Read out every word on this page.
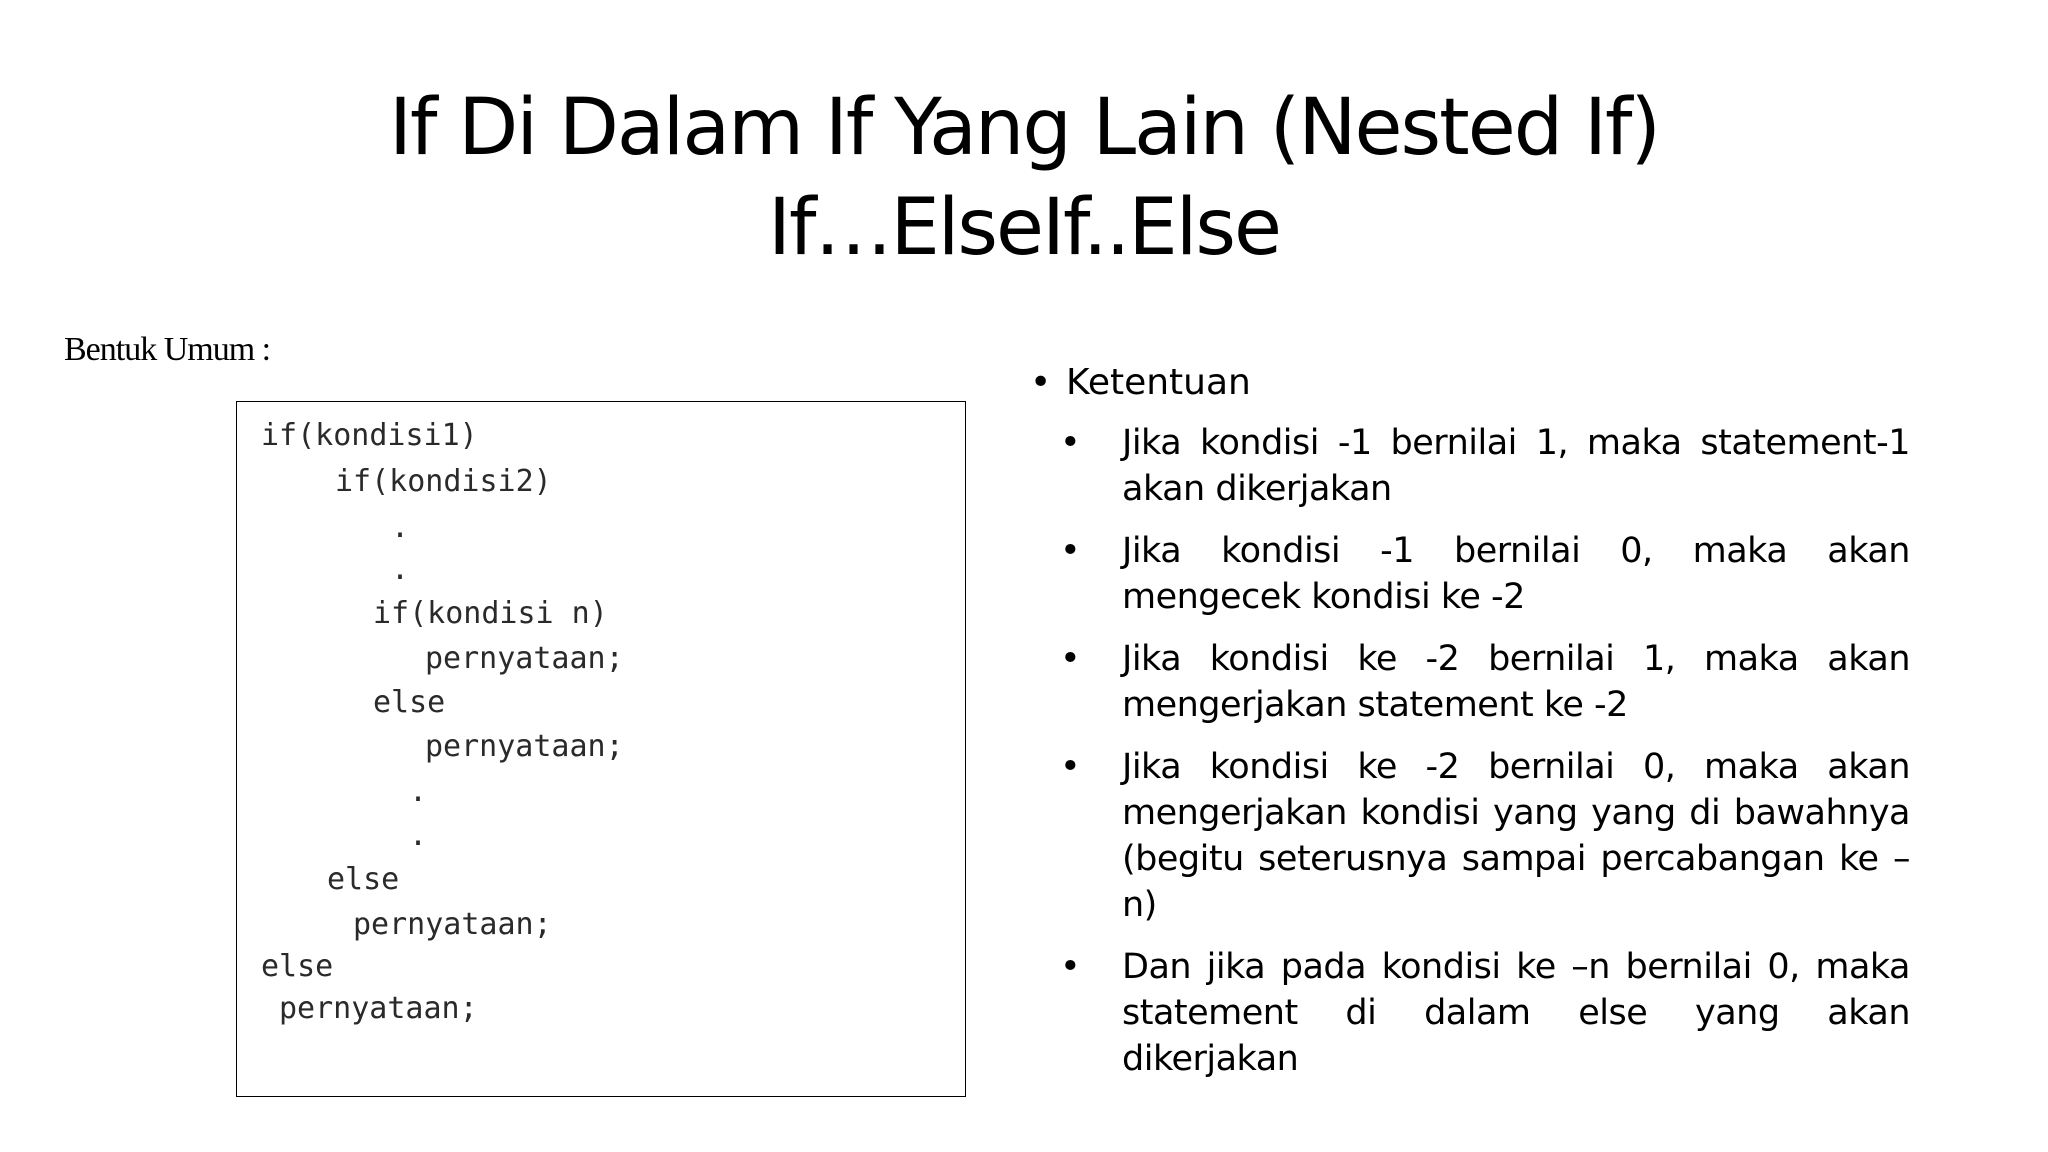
If Di Dalam If Yang Lain (Nested If)
If…ElseIf..Else
Bentuk Umum :
if(kondisi1)
if(kondisi2)
.
.
if(kondisi n)
pernyataan;
else
pernyataan;
.
.
else
pernyataan;
else
pernyataan;
• Ketentuan
• Jika kondisi -1 bernilai 1, maka statement-1 akan dikerjakan
• Jika kondisi -1 bernilai 0, maka akan mengecek kondisi ke -2
• Jika kondisi ke -2 bernilai 1, maka akan mengerjakan statement ke -2
• Jika kondisi ke -2 bernilai 0, maka akan mengerjakan kondisi yang yang di bawahnya (begitu seterusnya sampai percabangan ke –n)
• Dan jika pada kondisi ke –n bernilai 0, maka statement di dalam else yang akan dikerjakan
